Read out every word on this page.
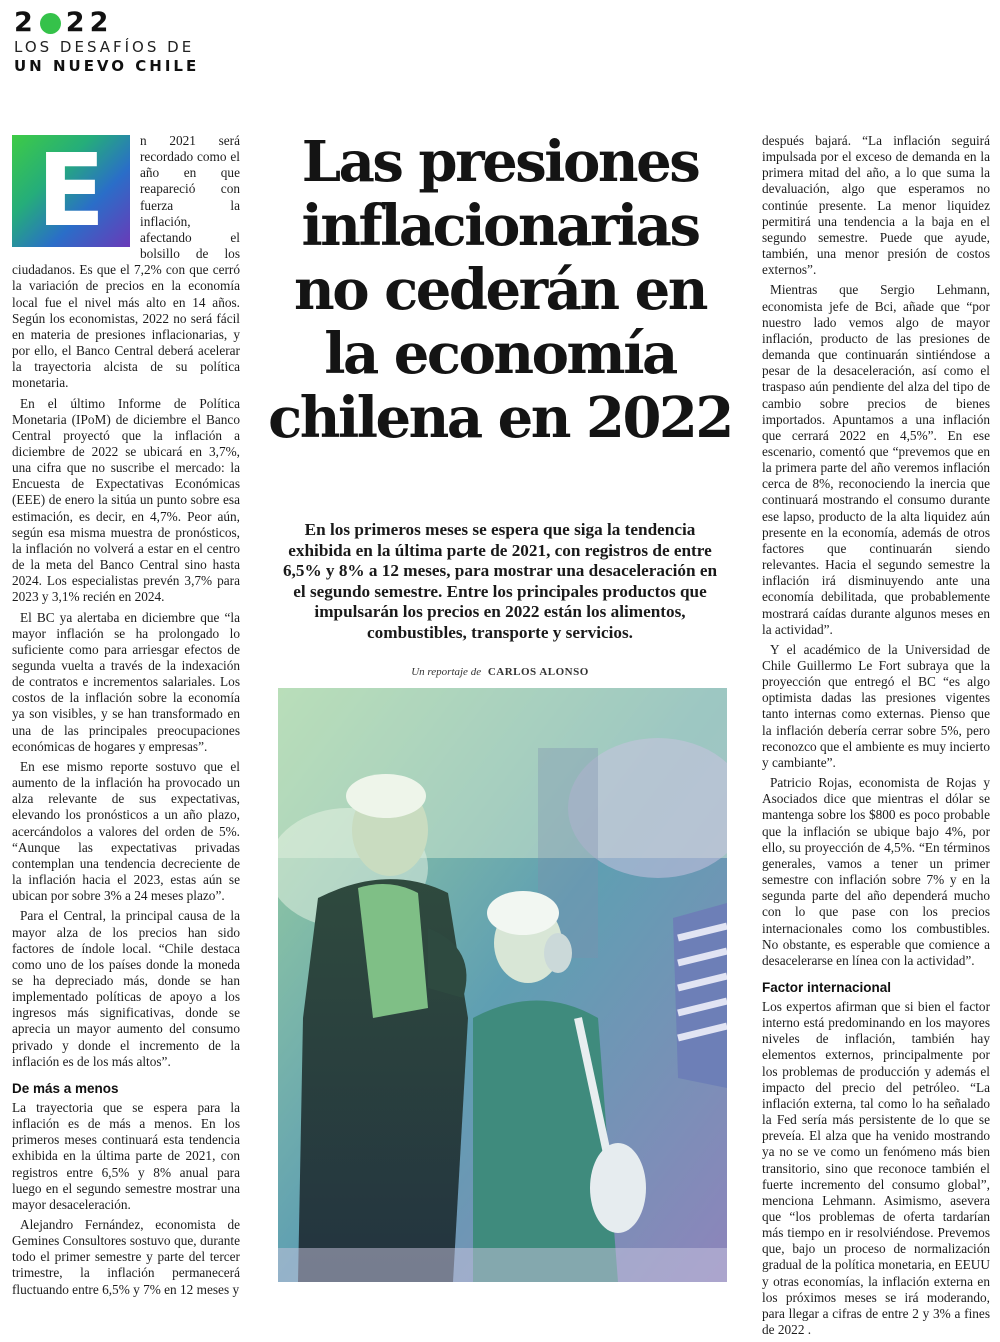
2 22
LOS DESAFÍOS DE
UN NUEVO CHILE
E	n 2021 será recordado como el año en que reapareció con fuerza la inflación, afectando el bolsillo de los ciudadanos. Es que el 7,2% con que cerró la variación de precios en la economía local fue el nivel más alto en 14 años. Según los economistas, 2022 no será fácil en materia de presiones inflacionarias, y por ello, el Banco Central deberá acelerar la trayectoria alcista de su política monetaria.

En el último Informe de Política Monetaria (IPoM) de diciembre el Banco Central proyectó que la inflación a diciembre de 2022 se ubicará en 3,7%, una cifra que no suscribe el mercado: la Encuesta de Expectativas Económicas (EEE) de enero la sitúa un punto sobre esa estimación, es decir, en 4,7%. Peor aún, según esa misma muestra de pronósticos, la inflación no volverá a estar en el centro de la meta del Banco Central sino hasta 2024. Los especialistas prevén 3,7% para 2023 y 3,1% recién en 2024.

El BC ya alertaba en diciembre que “la mayor inflación se ha prolongado lo suficiente como para arriesgar efectos de segunda vuelta a través de la indexación de contratos e incrementos salariales. Los costos de la inflación sobre la economía ya son visibles, y se han transformado en una de las principales preocupaciones económicas de hogares y empresas”.

En ese mismo reporte sostuvo que el aumento de la inflación ha provocado un alza relevante de sus expectativas, elevando los pronósticos a un año plazo, acercándolos a valores del orden de 5%. “Aunque las expectativas privadas contemplan una tendencia decreciente de la inflación hacia el 2023, estas aún se ubican por sobre 3% a 24 meses plazo”.

Para el Central, la principal causa de la mayor alza de los precios han sido factores de índole local. “Chile destaca como uno de los países donde la moneda se ha depreciado más, donde se han implementado políticas de apoyo a los ingresos más significativas, donde se aprecia un mayor aumento del consumo privado y donde el incremento de la inflación es de los más altos”.

De más a menos

La trayectoria que se espera para la inflación es de más a menos. En los primeros meses continuará esta tendencia exhibida en la última parte de 2021, con registros entre 6,5% y 8% anual para luego en el segundo semestre mostrar una mayor desaceleración.

Alejandro Fernández, economista de Gemines Consultores sostuvo que, durante todo el primer semestre y parte del tercer trimestre, la inflación permanecerá fluctuando entre 6,5% y 7% en 12 meses y

Las presiones inflacionarias no cederán en la economía chilena en 2022

En los primeros meses se espera que siga la tendencia exhibida en la última parte de 2021, con registros de entre 6,5% y 8% a 12 meses, para mostrar una desaceleración en el segundo semestre. Entre los principales productos que impulsarán los precios en 2022 están los alimentos, combustibles, transporte y servicios.

Un reportaje de CARLOS ALONSO

después bajará. “La inflación seguirá impulsada por el exceso de demanda en la primera mitad del año, a lo que suma la devaluación, algo que esperamos no continúe presente. La menor liquidez permitirá una tendencia a la baja en el segundo semestre. Puede que ayude, también, una menor presión de costos externos”.

Mientras que Sergio Lehmann, economista jefe de Bci, añade que “por nuestro lado vemos algo de mayor inflación, producto de las presiones de demanda que continuarán sintiéndose a pesar de la desaceleración, así como el traspaso aún pendiente del alza del tipo de cambio sobre precios de bienes importados. Apuntamos a una inflación que cerrará 2022 en 4,5%”. En ese escenario, comentó que “prevemos que en la primera parte del año veremos inflación cerca de 8%, reconociendo la inercia que continuará mostrando el consumo durante ese lapso, producto de la alta liquidez aún presente en la economía, además de otros factores que continuarán siendo relevantes. Hacia el segundo semestre la inflación irá disminuyendo ante una economía debilitada, que probablemente mostrará caídas durante algunos meses en la actividad”.

Y el académico de la Universidad de Chile Guillermo Le Fort subraya que la proyección que entregó el BC “es algo optimista dadas las presiones vigentes tanto internas como externas. Pienso que la inflación debería cerrar sobre 5%, pero reconozco que el ambiente es muy incierto y cambiante”.

Patricio Rojas, economista de Rojas y Asociados dice que mientras el dólar se mantenga sobre los $800 es poco probable que la inflación se ubique bajo 4%, por ello, su proyección de 4,5%. “En términos generales, vamos a tener un primer semestre con inflación sobre 7% y en la segunda parte del año dependerá mucho con lo que pase con los precios internacionales como los combustibles. No obstante, es esperable que comience a desacelerarse en línea con la actividad”.

Factor internacional

Los expertos afirman que si bien el factor interno está predominando en los mayores niveles de inflación, también hay elementos externos, principalmente por los problemas de producción y además el impacto del precio del petróleo. “La inflación externa, tal como lo ha señalado la Fed sería más persistente de lo que se preveía. El alza que ha venido mostrando ya no se ve como un fenómeno más bien transitorio, sino que reconoce también el fuerte incremento del consumo global”, menciona Lehmann. Asimismo, asevera que “los problemas de oferta tardarían más tiempo en ir resolviéndose. Prevemos que, bajo un proceso de normalización gradual de la política monetaria, en EEUU y otras economías, la inflación externa en los próximos meses se irá moderando, para llegar a cifras de entre 2 y 3% a fines de 2022 .
